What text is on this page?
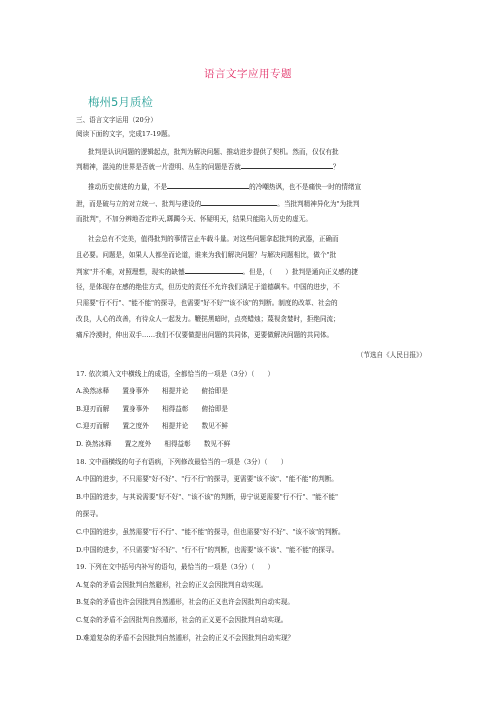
语言文字应用专题
梅州5月质检
三、语言文字运用（20分）
阅读下面的文字，完成17-19题。
批判是认识问题的逻辑起点，批判为解决问题、推动进步提供了契机。然而，仅仅有批
判精神，混沌的世界是否就一片澄明、丛生的问题是否就	？
推动历史前进的力量，不是	的冷嘲热讽，也不是痛快一时的情绪宣
泄，而是破与立的对立统一、批判与建设的	。当批判精神异化为"为批判
而批判"，不加分辨地否定昨天,踯躅今天、怀疑明天，结果只能陷入历史的虚无。
社会总有不完美，值得批判的事情岂止车载斗量。对这些问题拿起批判的武器，正确而
且必要。问题是，如果人人都坐而论道，谁来为我们解决问题？与解决问题相比，做个"批
判家"并不难，对照理想，现实的缺憾	。但是，（　　）批判是通向正义感的捷
径，是体现存在感的绝佳方式，但历史的责任不允许我们满足于道德飙车。中国的进步，不
只需要"行不行"、"能不能"的探寻，也需要"好不好""该不该"的判断。制度的改革、社会的
改良，人心的改善，有待众人一起发力。鞭挞黑暗时，点亮蜡烛；蔑视贪婪时，拒绝同流；
痛斥冷漠时，伸出双手……我们不仅要做提出问题的共同体，更要做解决问题的共同体。
（节选自《人民日报》）
17. 依次填入文中横线上的成语，全都恰当的一项是（3分）（　　）
A.涣然冰释　　置身事外　　相提并论　　俯拾即是
B.迎刃而解　　置身事外　　相得益彰　　俯拾即是
C.迎刃而解　　置之度外　　相提并论　　数见不鲜
D. 涣然冰释　　置之度外　　相得益彰　　数见不鲜
18. 文中画横线的句子有语病，下列修改最恰当的一项是（3分）（　　）
A.中国的进步，不只需要"好不好"、"行不行"的探寻，更需要"该不该"、"能不能"的判断。
B.中国的进步，与其说需要"好不好"、"该不该"的判断，毋宁说更需要"行不行"、"能不能"
的探寻。
C.中国的进步，虽然需要"行不行"、"能不能"的探寻，但也需要"好不好"、"该不该"的判断。
D.中国的进步，不只需要"好不好"、"行不行"的判断，也需要"该不该"、"能不能"的探寻。
19. 下列在文中括号内补写的语句，最恰当的一项是（3分）（　　）
A.复杂的矛盾会因批判自然避形，社会的正义会因批判自动实现。
B.复杂的矛盾也许会因批判自然遁形，社会的正义也许会因批判自动实现。
C.复杂的矛盾不会因批判自然遁形，社会的正义更不会因批判自动实现。
D.难道复杂的矛盾不会因批判自然遁形，社会的正义不会因批判自动实现？
